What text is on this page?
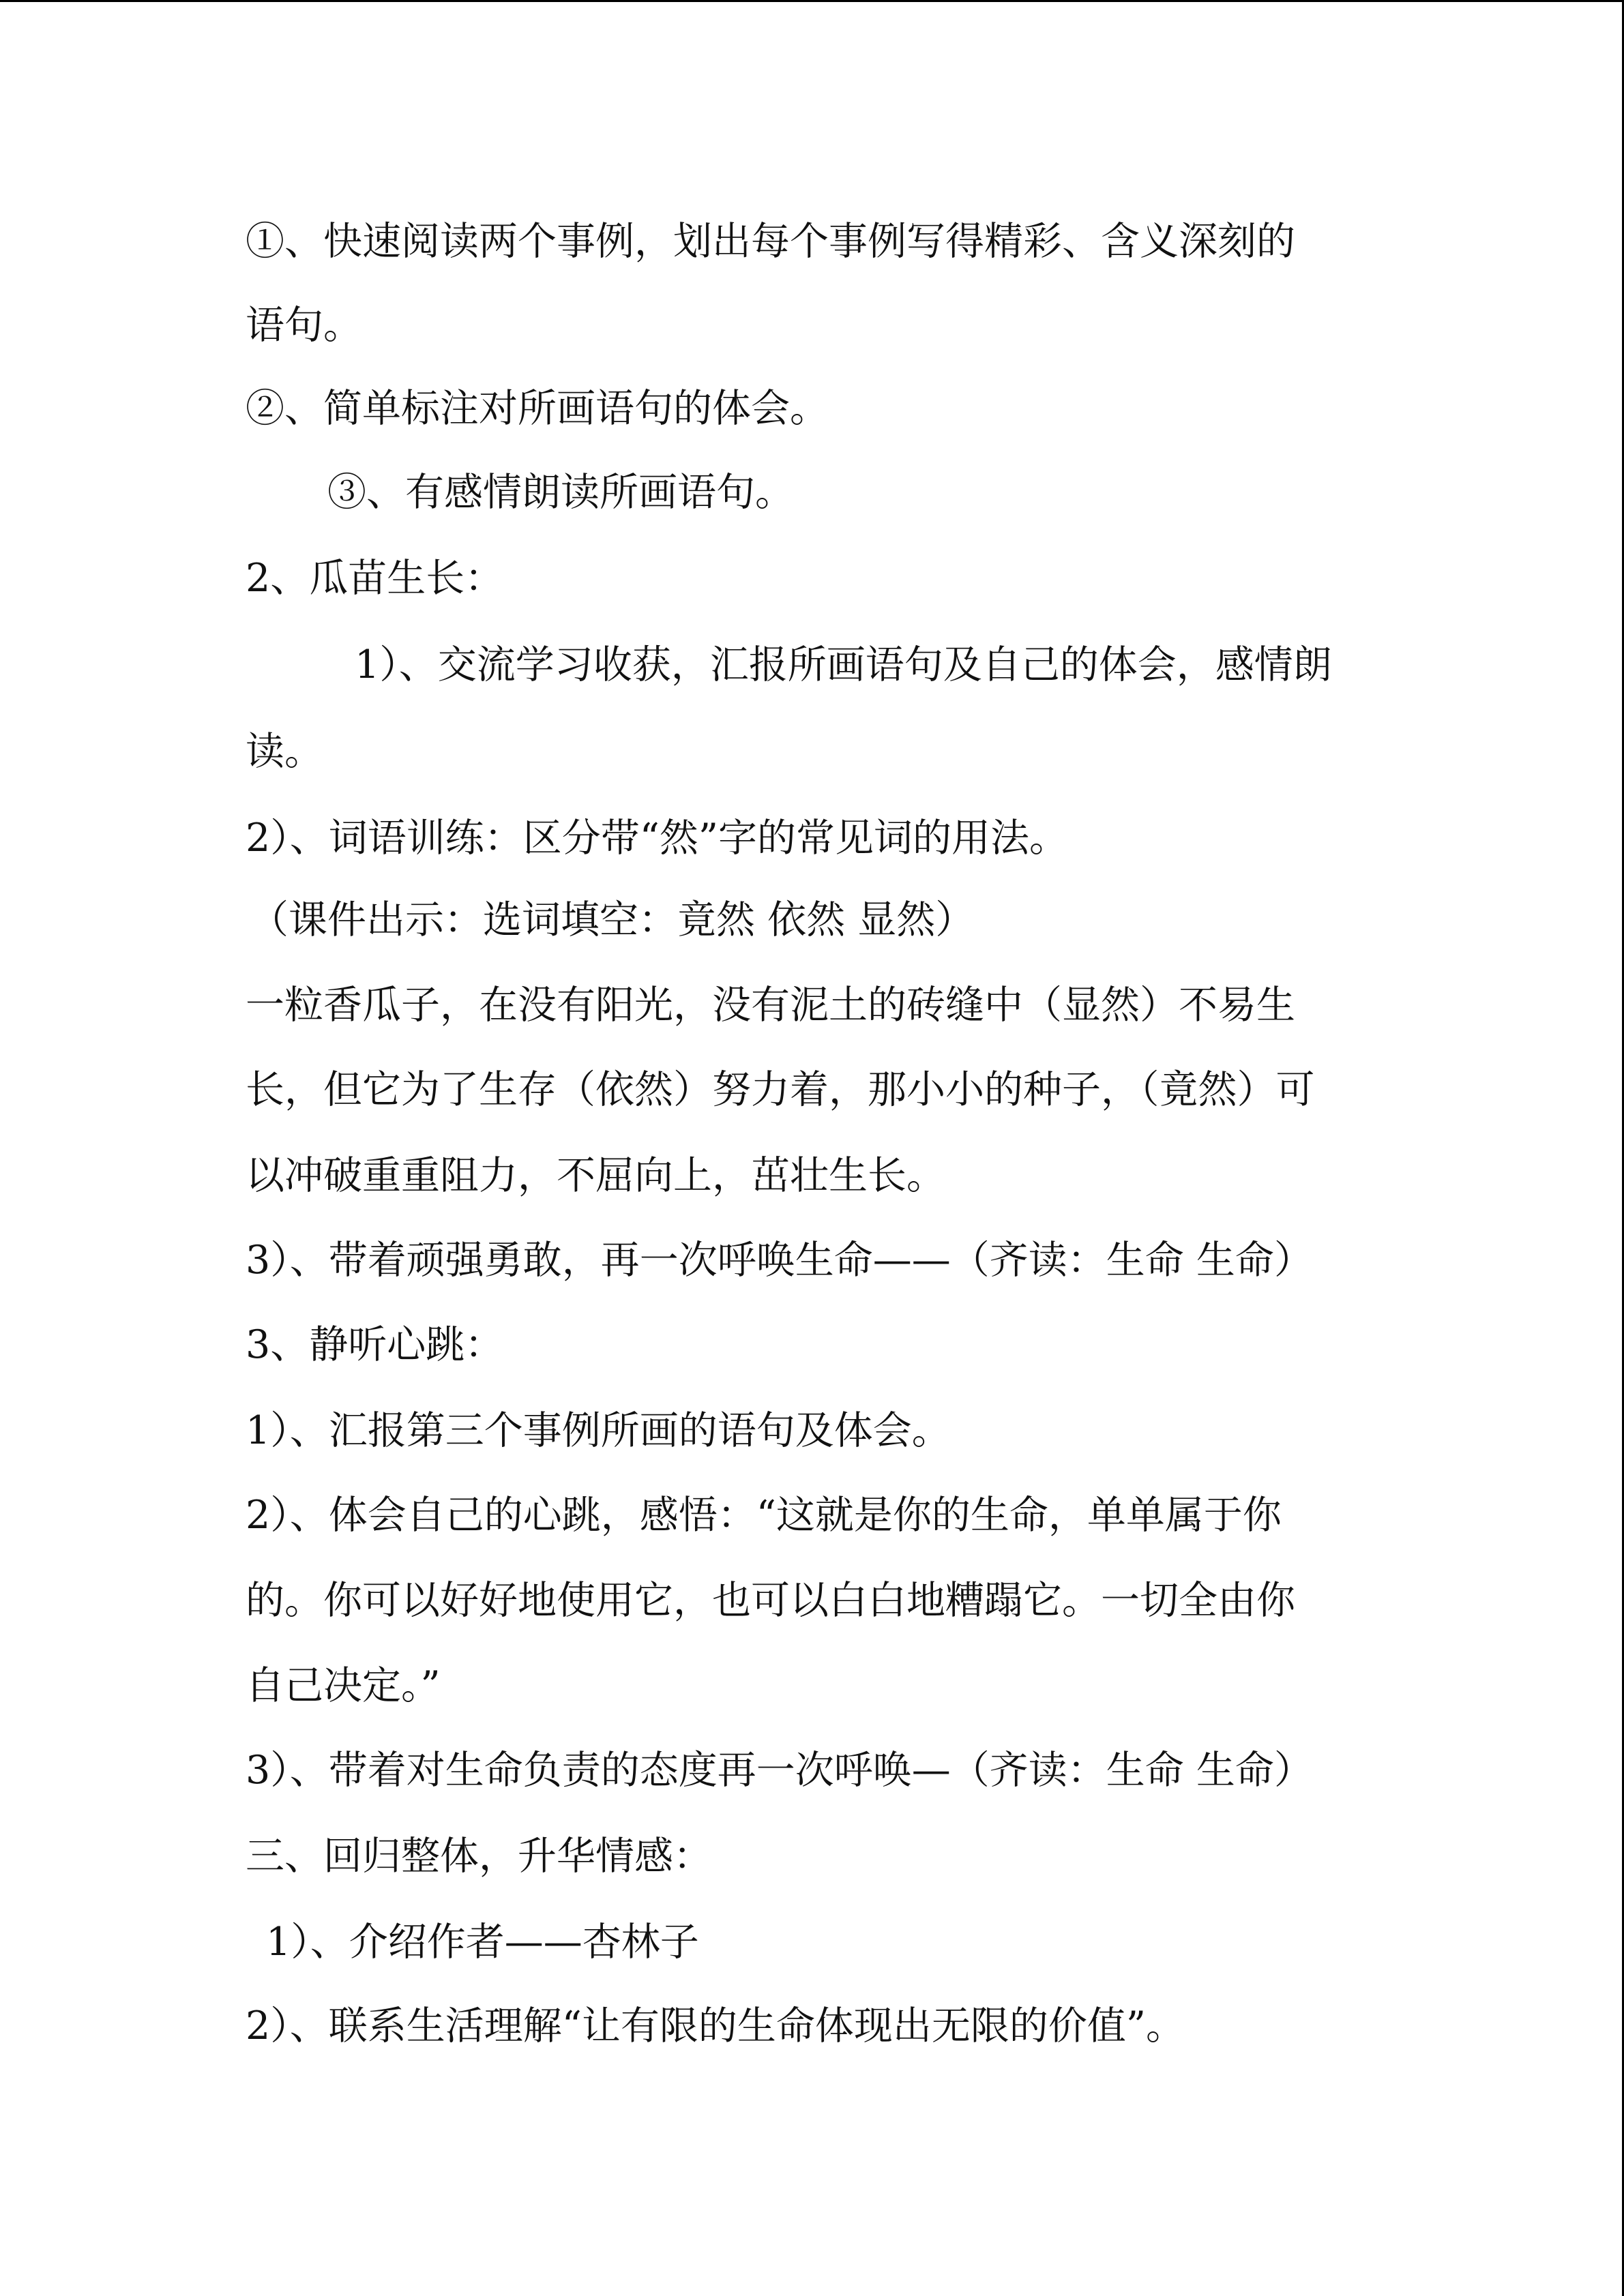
①、快速阅读两个事例，划出每个事例写得精彩、含义深刻的
语句。
②、简单标注对所画语句的体会。
③、有感情朗读所画语句。
2、瓜苗生长：
1）、交流学习收获，汇报所画语句及自己的体会，感情朗
读。
2）、词语训练：区分带“然”字的常见词的用法。
（课件出示：选词填空：竟然 依然 显然）
一粒香瓜子，在没有阳光，没有泥土的砖缝中（显然）不易生
长，但它为了生存（依然）努力着，那小小的种子，（竟然）可
以冲破重重阻力，不屈向上，茁壮生长。
3）、带着顽强勇敢，再一次呼唤生命——（齐读：生命 生命）
3、静听心跳：
1）、汇报第三个事例所画的语句及体会。
2）、体会自己的心跳，感悟：“这就是你的生命，单单属于你
的。你可以好好地使用它，也可以白白地糟蹋它。一切全由你
自己决定。”
3）、带着对生命负责的态度再一次呼唤—（齐读：生命 生命）
三、回归整体，升华情感：
1）、介绍作者——杏林子
2）、联系生活理解“让有限的生命体现出无限的价值”。
